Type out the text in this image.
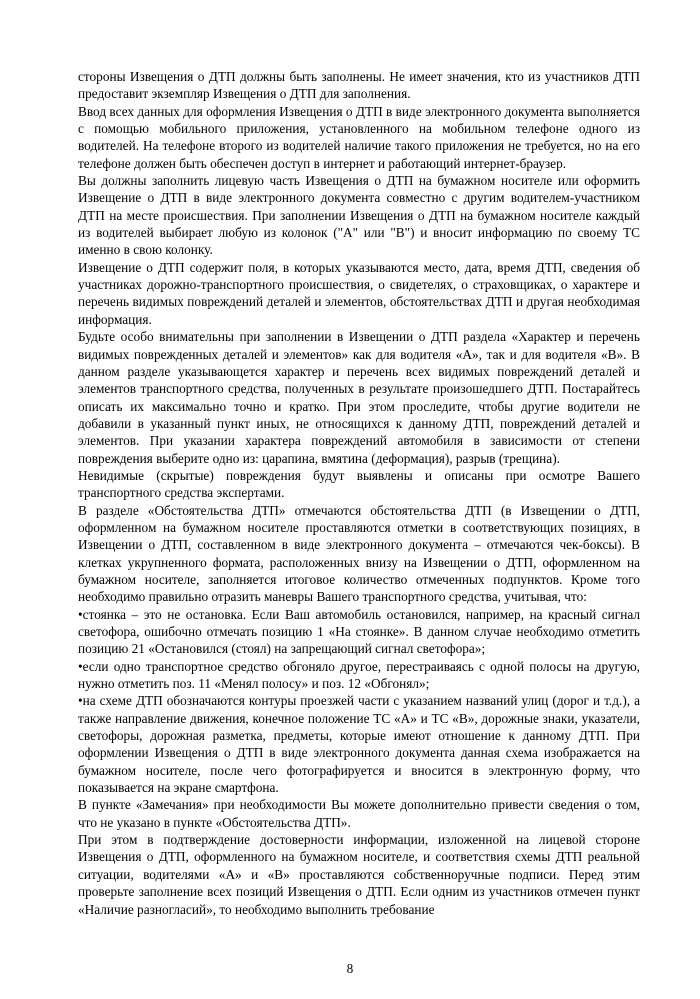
стороны Извещения о ДТП должны быть заполнены. Не имеет значения, кто из участников ДТП предоставит экземпляр Извещения о ДТП для заполнения.

Ввод всех данных для оформления Извещения о ДТП в виде электронного документа выполняется с помощью мобильного приложения, установленного на мобильном телефоне одного из водителей. На телефоне второго из водителей наличие такого приложения не требуется, но на его телефоне должен быть обеспечен доступ в интернет и работающий интернет-браузер.

Вы должны заполнить лицевую часть Извещения о ДТП на бумажном носителе или оформить Извещение о ДТП в виде электронного документа совместно с другим водителем-участником ДТП на месте происшествия. При заполнении Извещения о ДТП на бумажном носителе каждый из водителей выбирает любую из колонок ("А" или "В") и вносит информацию по своему ТС именно в свою колонку.

Извещение о ДТП содержит поля, в которых указываются место, дата, время ДТП, сведения об участниках дорожно-транспортного происшествия, о свидетелях, о страховщиках, о характере и перечень видимых повреждений деталей и элементов, обстоятельствах ДТП и другая необходимая информация.

Будьте особо внимательны при заполнении в Извещении о ДТП раздела «Характер и перечень видимых поврежденных деталей и элементов» как для водителя «А», так и для водителя «В». В данном разделе указывающется характер и перечень всех видимых повреждений деталей и элементов транспортного средства, полученных в результате произошедшего ДТП. Постарайтесь описать их максимально точно и кратко. При этом проследите, чтобы другие водители не добавили в указанный пункт иных, не относящихся к данному ДТП, повреждений деталей и элементов. При указании характера повреждений автомобиля в зависимости от степени повреждения выберите одно из: царапина, вмятина (деформация), разрыв (трещина).

Невидимые (скрытые) повреждения будут выявлены и описаны при осмотре Вашего транспортного средства экспертами.

В разделе «Обстоятельства ДТП» отмечаются обстоятельства ДТП (в Извещении о ДТП, оформленном на бумажном носителе проставляются отметки в соответствующих позициях, в Извещении о ДТП, составленном в виде электронного документа – отмечаются чек-боксы). В клетках укрупненного формата, расположенных внизу на Извещении о ДТП, оформленном на бумажном носителе, заполняется итоговое количество отмеченных подпунктов. Кроме того необходимо правильно отразить маневры Вашего транспортного средства, учитывая, что:

•стоянка – это не остановка. Если Ваш автомобиль остановился, например, на красный сигнал светофора, ошибочно отмечать позицию 1 «На стоянке». В данном случае необходимо отметить позицию 21 «Остановился (стоял) на запрещающий сигнал светофора»;

•если одно транспортное средство обгоняло другое, перестраиваясь с одной полосы на другую, нужно отметить поз. 11 «Менял полосу» и поз. 12 «Обгонял»;

•на схеме ДТП обозначаются контуры проезжей части с указанием названий улиц (дорог и т.д.), а также направление движения, конечное положение ТС «А» и ТС «В», дорожные знаки, указатели, светофоры, дорожная разметка, предметы, которые имеют отношение к данному ДТП. При оформлении Извещения о ДТП в виде электронного документа данная схема изображается на бумажном носителе, после чего фотографируется и вносится в электронную форму, что показывается на экране смартфона.

В пункте «Замечания» при необходимости Вы можете дополнительно привести сведения о том, что не указано в пункте «Обстоятельства ДТП».

При этом в подтверждение достоверности информации, изложенной на лицевой стороне Извещения о ДТП, оформленного на бумажном носителе, и соответствия схемы ДТП реальной ситуации, водителями «А» и «В» проставляются собственноручные подписи. Перед этим проверьте заполнение всех позиций Извещения о ДТП. Если одним из участников отмечен пункт «Наличие разногласий», то необходимо выполнить требование

8
